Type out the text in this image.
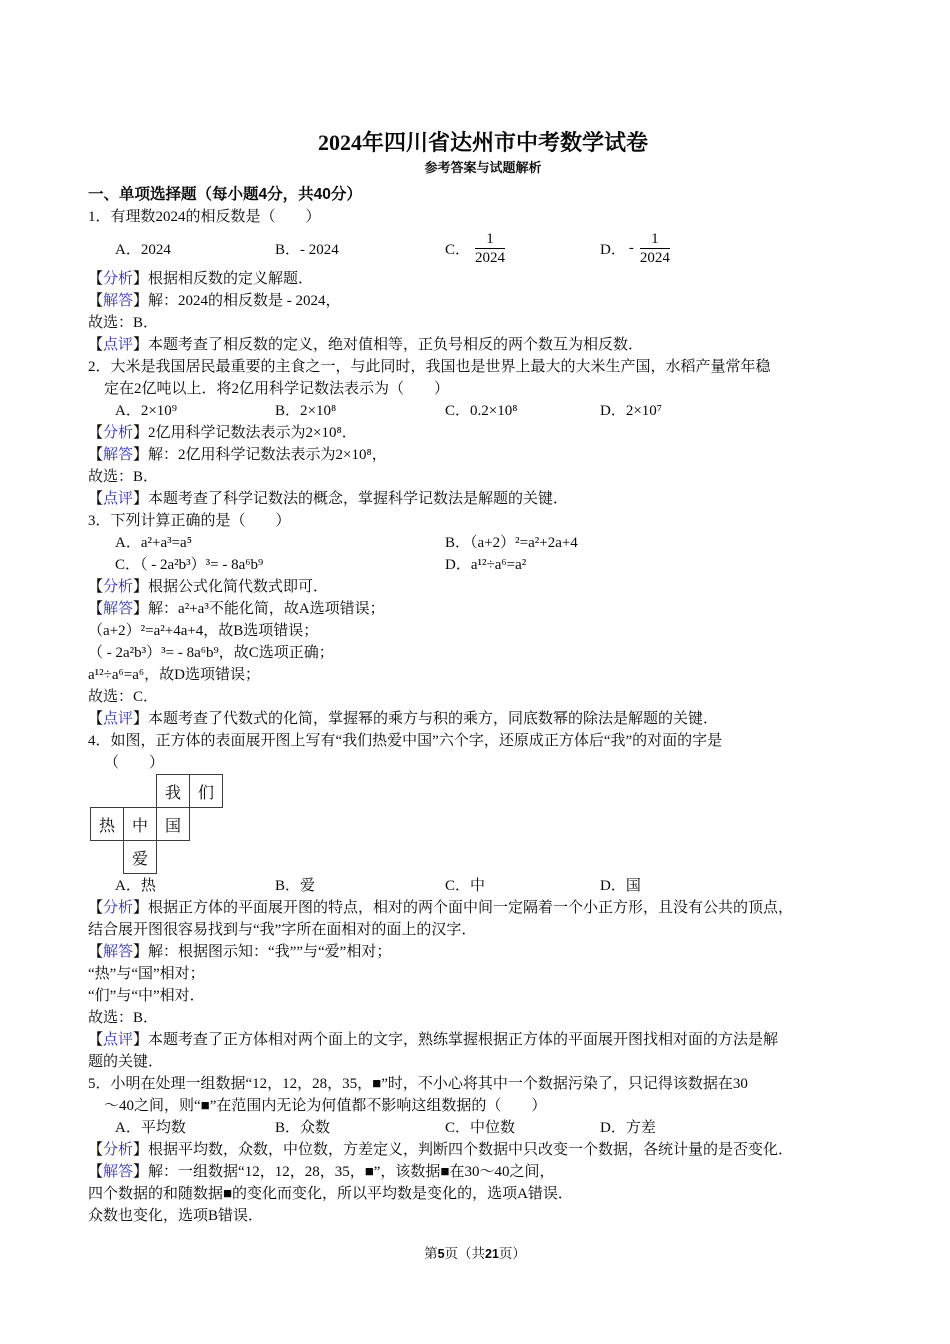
2024年四川省达州市中考数学试卷
参考答案与试题解析
一、单项选择题（每小题4分，共40分）
1．有理数2024的相反数是（　　）
A．2024	B．- 2024	C． $\frac{1}{2024}$	D． - $\frac{1}{2024}$
【分析】根据相反数的定义解题．
【解答】解：2024的相反数是 - 2024，
故选：B．
【点评】本题考查了相反数的定义，绝对值相等，正负号相反的两个数互为相反数．
2．大米是我国居民最重要的主食之一，与此同时，我国也是世界上最大的大米生产国，水稻产量常年稳
定在2亿吨以上．将2亿用科学记数法表示为（　　）
A．2×10⁹	B．2×10⁸	C．0.2×10⁸	D．2×10⁷
【分析】2亿用科学记数法表示为2×10⁸．
【解答】解：2亿用科学记数法表示为2×10⁸，
故选：B．
【点评】本题考查了科学记数法的概念，掌握科学记数法是解题的关键．
3．下列计算正确的是（　　）
A．a²+a³=a⁵	B．（a+2）²=a²+2a+4
C．（ - 2a²b³）³= - 8a⁶b⁹	D．a¹²÷a⁶=a²
【分析】根据公式化简代数式即可．
【解答】解：a²+a³不能化简，故A选项错误；
（a+2）²=a²+4a+4，故B选项错误；
（ - 2a²b³）³= - 8a⁶b⁹，故C选项正确；
a¹²÷a⁶=a⁶，故D选项错误；
故选：C．
【点评】本题考查了代数式的化简，掌握幂的乘方与积的乘方，同底数幂的除法是解题的关键．
4．如图，正方体的表面展开图上写有“我们热爱中国”六个字，还原成正方体后“我”的对面的字是
（　　）
我	们
热	中	国
爱
A．热	B．爱	C．中	D．国
【分析】根据正方体的平面展开图的特点，相对的两个面中间一定隔着一个小正方形，且没有公共的顶点，
结合展开图很容易找到与“我”字所在面相对的面上的汉字．
【解答】解：根据图示知：“我””与“爱”相对；
“热”与“国”相对；
“们”与“中”相对．
故选：B．
【点评】本题考查了正方体相对两个面上的文字，熟练掌握根据正方体的平面展开图找相对面的方法是解
题的关键．
5．小明在处理一组数据“12，12，28，35，■”时，不小心将其中一个数据污染了，只记得该数据在30
～40之间，则“■”在范围内无论为何值都不影响这组数据的（　　）
A．平均数	B．众数	C．中位数	D．方差
【分析】根据平均数，众数，中位数，方差定义，判断四个数据中只改变一个数据，各统计量的是否变化．
【解答】解：一组数据“12，12，28，35，■”，该数据■在30～40之间，
四个数据的和随数据■的变化而变化，所以平均数是变化的，选项A错误．
众数也变化，选项B错误．
第5页（共21页）
